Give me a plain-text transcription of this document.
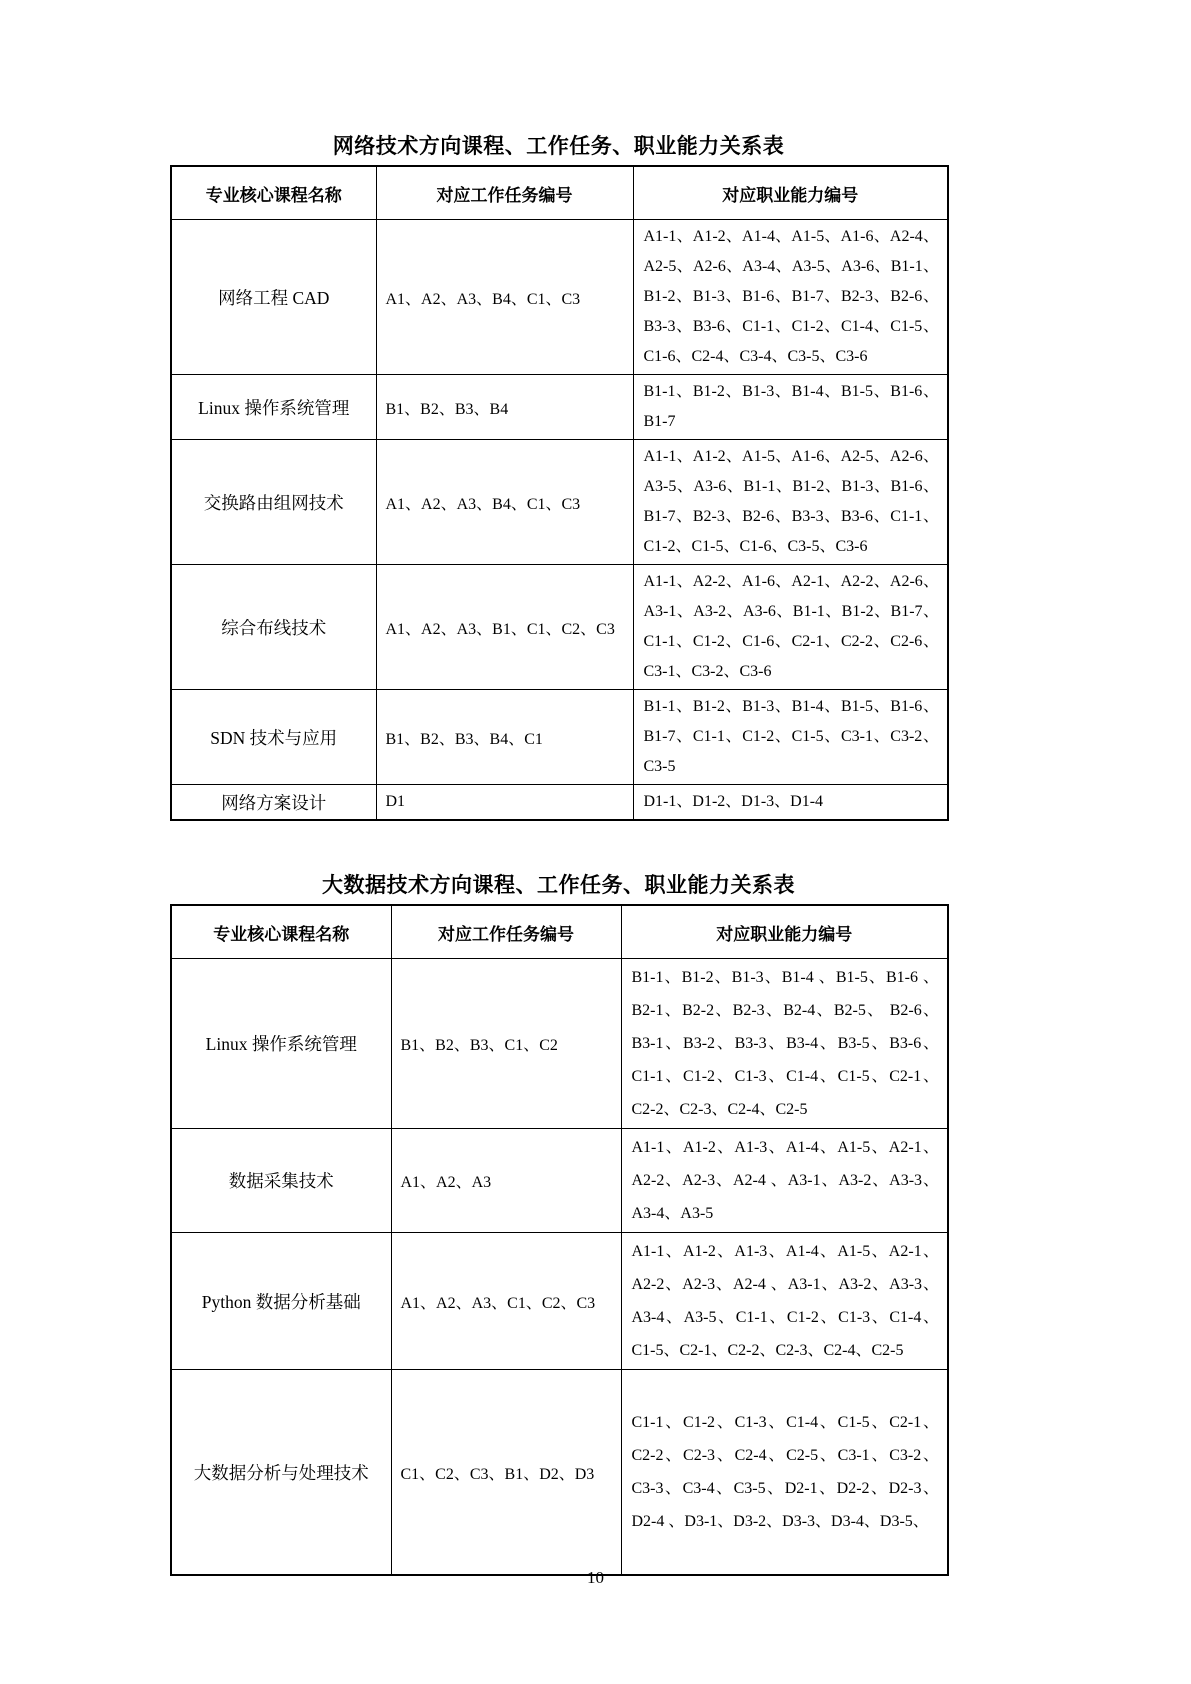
网络技术方向课程、工作任务、职业能力关系表
专业核心课程名称	对应工作任务编号	对应职业能力编号
网络工程 CAD	A1、A2、A3、B4、C1、C3	A1-1、A1-2、A1-4、A1-5、A1-6、A2-4、A2-5、A2-6、A3-4、A3-5、A3-6、B1-1、B1-2、B1-3、B1-6、B1-7、B2-3、B2-6、B3-3、B3-6、C1-1、C1-2、C1-4、C1-5、C1-6、C2-4、C3-4、C3-5、C3-6
Linux 操作系统管理	B1、B2、B3、B4	B1-1、B1-2、B1-3、B1-4、B1-5、B1-6、B1-7
交换路由组网技术	A1、A2、A3、B4、C1、C3	A1-1、A1-2、A1-5、A1-6、A2-5、A2-6、A3-5、A3-6、B1-1、B1-2、B1-3、B1-6、B1-7、B2-3、B2-6、B3-3、B3-6、C1-1、C1-2、C1-5、C1-6、C3-5、C3-6
综合布线技术	A1、A2、A3、B1、C1、C2、C3	A1-1、A2-2、A1-6、A2-1、A2-2、A2-6、A3-1、A3-2、A3-6、B1-1、B1-2、B1-7、C1-1、C1-2、C1-6、C2-1、C2-2、C2-6、C3-1、C3-2、C3-6
SDN 技术与应用	B1、B2、B3、B4、C1	B1-1、B1-2、B1-3、B1-4、B1-5、B1-6、B1-7、C1-1、C1-2、C1-5、C3-1、C3-2、C3-5
网络方案设计	D1	D1-1、D1-2、D1-3、D1-4
大数据技术方向课程、工作任务、职业能力关系表
专业核心课程名称	对应工作任务编号	对应职业能力编号
Linux 操作系统管理	B1、B2、B3、C1、C2	B1-1、B1-2、B1-3、B1-4 、B1-5、B1-6 、B2-1、B2-2、B2-3、B2-4、B2-5、 B2-6、B3-1、B3-2、B3-3、B3-4、B3-5、B3-6、C1-1、C1-2、C1-3、C1-4、C1-5、C2-1、C2-2、C2-3、C2-4、C2-5
数据采集技术	A1、A2、A3	A1-1、A1-2、A1-3、A1-4、A1-5、A2-1、A2-2、A2-3、A2-4 、A3-1、A3-2、A3-3、A3-4、A3-5
Python 数据分析基础	A1、A2、A3、C1、C2、C3	A1-1、A1-2、A1-3、A1-4、A1-5、A2-1、A2-2、A2-3、A2-4 、A3-1、A3-2、A3-3、A3-4、A3-5、C1-1、C1-2、C1-3、C1-4、C1-5、C2-1、C2-2、C2-3、C2-4、C2-5
大数据分析与处理技术	C1、C2、C3、B1、D2、D3	C1-1、C1-2、C1-3、C1-4、C1-5、C2-1、C2-2、C2-3、C2-4、C2-5、C3-1、C3-2、C3-3、C3-4、C3-5、D2-1、D2-2、D2-3、D2-4 、D3-1、D3-2、D3-3、D3-4、D3-5、
10
